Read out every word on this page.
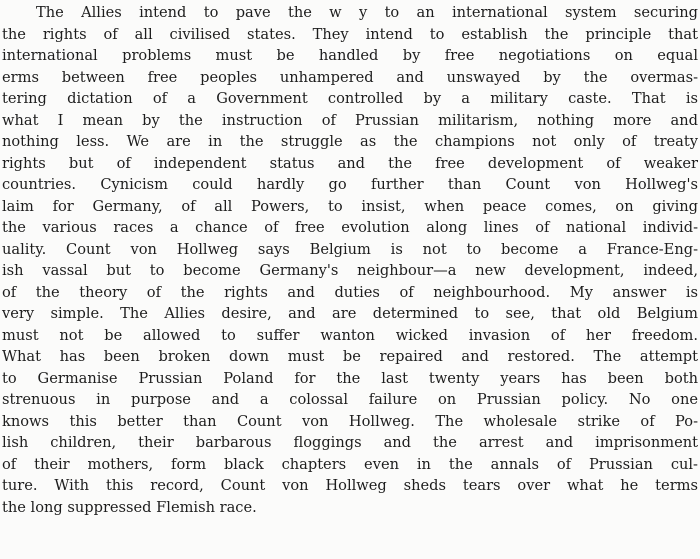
The Allies intend to pave the w y to an international system securing
the rights of all civilised states. They intend to establish the principle that
international problems must be handled by free negotiations on equal
erms between free peoples unhampered and unswayed by the overmas-
tering dictation of a Government controlled by a military caste. That is
what I mean by the instruction of Prussian militarism, nothing more and
nothing less. We are in the struggle as the champions not only of treaty
rights but of independent status and the free development of weaker
countries. Cynicism could hardly go further than Count von Hollweg's
laim for Germany, of all Powers, to insist, when peace comes, on giving
the various races a chance of free evolution along lines of national individ-
uality. Count von Hollweg says Belgium is not to become a France-Eng-
ish vassal but to become Germany's neighbour—a new development, indeed,
of the theory of the rights and duties of neighbourhood. My answer is
very simple. The Allies desire, and are determined to see, that old Belgium
must not be allowed to suffer wanton wicked invasion of her freedom.
What has been broken down must be repaired and restored. The attempt
to Germanise Prussian Poland for the last twenty years has been both
strenuous in purpose and a colossal failure on Prussian policy. No one
knows this better than Count von Hollweg. The wholesale strike of Po-
lish children, their barbarous floggings and the arrest and imprisonment
of their mothers, form black chapters even in the annals of Prussian cul-
ture. With this record, Count von Hollweg sheds tears over what he terms
the long suppressed Flemish race.
